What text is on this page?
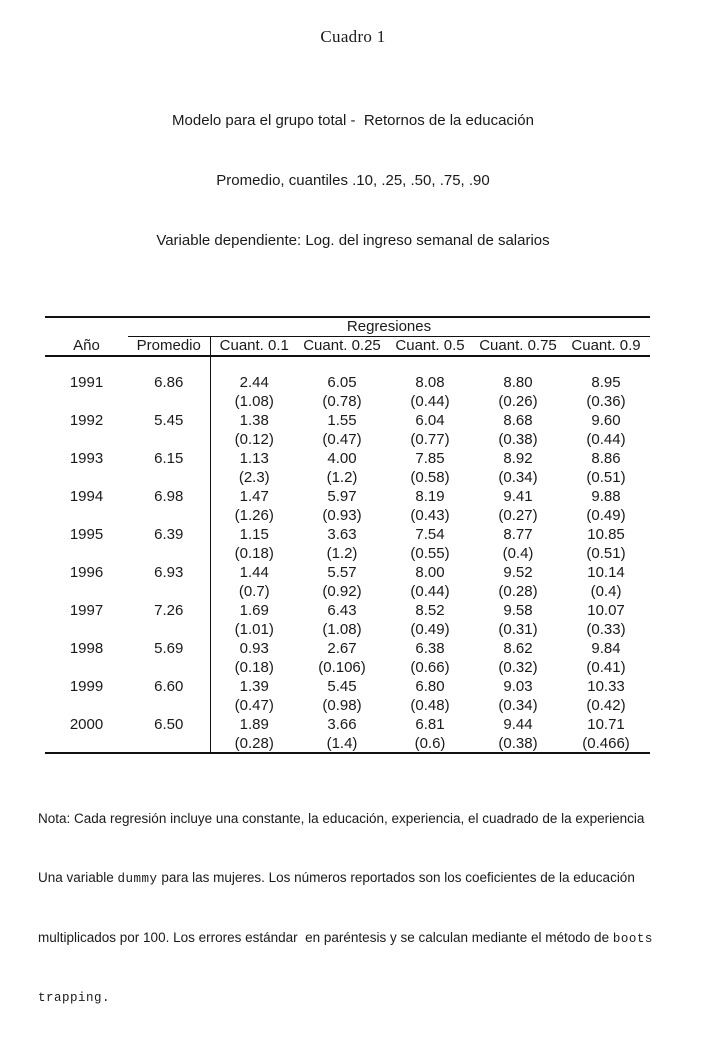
Cuadro 1

Modelo para el grupo total -  Retornos de la educación

Promedio, cuantiles .10, .25, .50, .75, .90

Variable dependiente: Log. del ingreso semanal de salarios

	Regresiones					
Año	Promedio	Cuant. 0.1	Cuant. 0.25	Cuant. 0.5	Cuant. 0.75	Cuant. 0.9

1991	6.86	2.44	6.05	8.08	8.80	8.95
		(1.08)	(0.78)	(0.44)	(0.26)	(0.36)
1992	5.45	1.38	1.55	6.04	8.68	9.60
		(0.12)	(0.47)	(0.77)	(0.38)	(0.44)
1993	6.15	1.13	4.00	7.85	8.92	8.86
		(2.3)	(1.2)	(0.58)	(0.34)	(0.51)
1994	6.98	1.47	5.97	8.19	9.41	9.88
		(1.26)	(0.93)	(0.43)	(0.27)	(0.49)
1995	6.39	1.15	3.63	7.54	8.77	10.85
		(0.18)	(1.2)	(0.55)	(0.4)	(0.51)
1996	6.93	1.44	5.57	8.00	9.52	10.14
		(0.7)	(0.92)	(0.44)	(0.28)	(0.4)
1997	7.26	1.69	6.43	8.52	9.58	10.07
		(1.01)	(1.08)	(0.49)	(0.31)	(0.33)
1998	5.69	0.93	2.67	6.38	8.62	9.84
		(0.18)	(0.106)	(0.66)	(0.32)	(0.41)
1999	6.60	1.39	5.45	6.80	9.03	10.33
		(0.47)	(0.98)	(0.48)	(0.34)	(0.42)
2000	6.50	1.89	3.66	6.81	9.44	10.71
		(0.28)	(1.4)	(0.6)	(0.38)	(0.466)

Nota: Cada regresión incluye una constante, la educación, experiencia, el cuadrado de la experiencia

Una variable dummy para las mujeres. Los números reportados son los coeficientes de la educación

multiplicados por 100. Los errores estándar  en paréntesis y se calculan mediante el método de boots

trapping.
